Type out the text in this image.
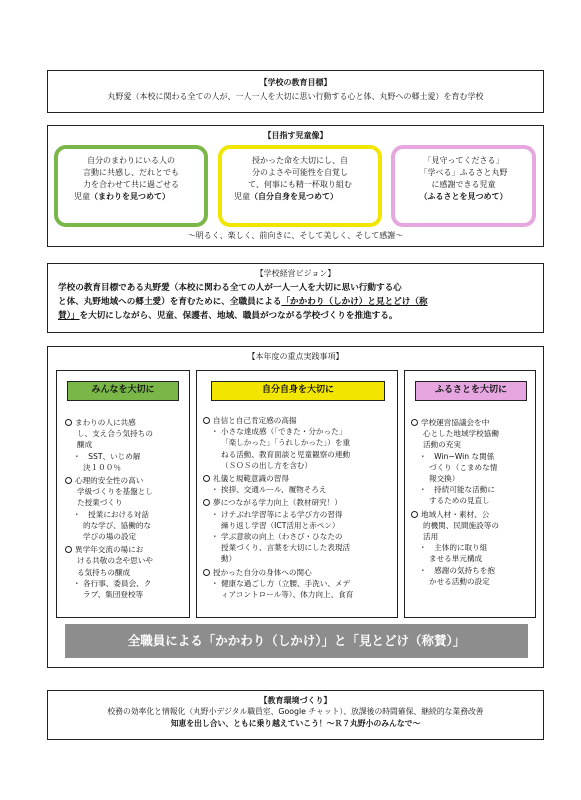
【学校の教育目標】
丸野愛（本校に関わる全ての人が、一人一人を大切に思い行動する心と体、丸野への郷土愛）を育む学校
【目指す児童像】
〜明るく、楽しく、前向きに、そして美しく、そして感謝〜
自分のまわりにいる人の
言動に共感し、だれとでも
力を合わせて共に過ごせる
児童（まわりを見つめて）
授かった命を大切にし、自
分のよさや可能性を自覚し
て、何事にも精一杯取り組む
児童（自分自身を見つめて）
「見守ってくださる」
「学べる」ふるさと丸野
に感謝できる児童
（ふるさとを見つめて）
【学校経営ビジョン】
学校の教育目標である丸野愛（本校に関わる全ての人が一人一人を大切に思い行動する心
と体、丸野地域への郷土愛）を育むために、全職員による「かかわり（しかけ）と見とどけ（称
賛）」を大切にしながら、児童、保護者、地域、職員がつながる学校づくりを推進する。
【本年度の重点実践事項】
みんなを大切に
まわりの人に共感
し、支え合う気持ちの
醸成
・　SST、いじめ解
決１００％
心理的安全性の高い
学級づくりを基盤とし
た授業づくり
・　授業における対話
的な学び、協働的な
学びの場の設定
異学年交流の場にお
ける共敬の念や思いや
る気持ちの醸成
・ 各行事、委員会、ク
ラブ、集団登校等
自分自身を大切に
自信と自己肯定感の高揚
・ 小さな達成感（「できた・分かった」
「楽しかった」「うれしかった」）を重
ねる活動、教育面談と児童観察の連動
（ＳＯＳの出し方を含む）
礼儀と規範意識の習得
・ 挨拶、交通ルール、履物そろえ
夢につながる学力向上（教材研究！）
・ けテぶれ学習等による学び方の習得
繰り返し学習（ICT活用と赤ペン）
・ 学ぶ意欲の向上（わさび・ひなたの
授業づくり、言葉を大切にした表現活
動）
授かった自分の身体への関心
・ 健康な過ごし方（立腰、手洗い、メデ
ィアコントロール等）、体力向上、食育
ふるさとを大切に
学校運営協議会を中
心とした地域学校協働
活動の充実
・　Win−Win な関係
づくり（こまめな情
報交換）
・　持続可能な活動に
するための見直し
地域人材・素材、公
的機関、民間施設等の
活用
・　主体的に取り組
ませる単元構成
・　感謝の気持ちを抱
かせる活動の設定
全職員による「かかわり（しかけ）」と「見とどけ（称賛）」
【教育環境づくり】
校務の効率化と情報化（丸野小デジタル職員室、Google チャット）、放課後の時間確保、継続的な業務改善
知恵を出し合い、ともに乗り越えていこう！〜Ｒ７丸野小のみんなで〜
